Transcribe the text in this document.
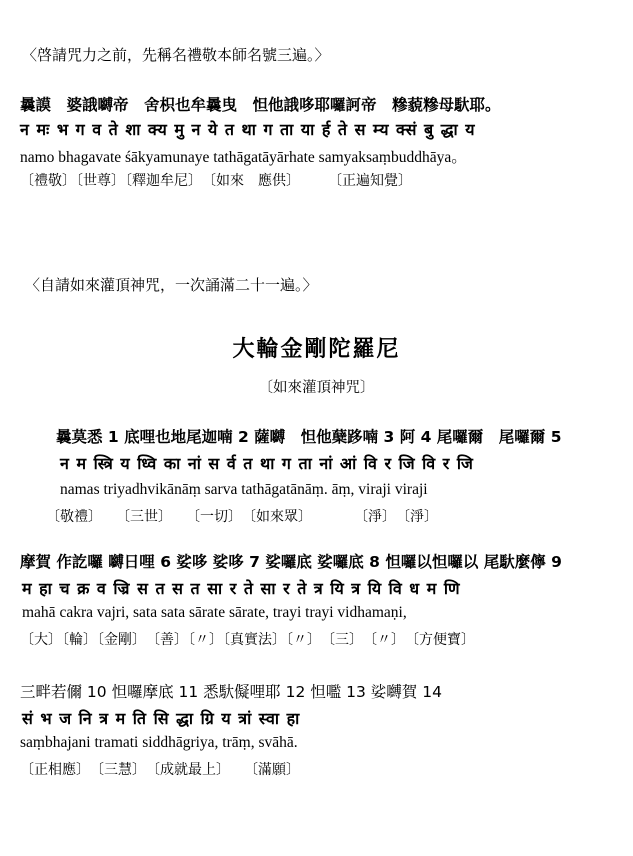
〈啓請咒力之前，先稱名禮敬本師名號三遍。〉
曩謨　婆誐嚩帝　舍枳也牟曩曳　怛他誐哆耶囉訶帝　糝藐糝母馱耶。
न मः भ ग व ते शा क्य मु न ये त था ग ता या र्ह ते स म्य क्सं बु द्धा य
namo bhagavate śākyamunaye tathāgatāyārhate samyaksaṃbuddhāya。
〔禮敬〕〔世尊〕〔釋迦牟尼〕　〔如來　應供〕　　　〔正遍知覺〕
〈自請如來灌頂神咒，一次誦滿二十一遍。〉
大輪金剛陀羅尼
〔如來灌頂神咒〕
曩莫悉 1 底哩也地尾迦喃 2 薩嚩　怛他蘖跢喃 3 阿 4 尾囉爾　尾囉爾 5
न म स्त्रि य ध्वि का नां स र्व त था ग ता नां आं वि र जि वि र जि
namas triyadhvikānāṃ sarva tathāgatānāṃ. āṃ, viraji viraji
〔敬禮〕　　〔三世〕　　〔一切〕　〔如來眾〕　　　　〔淨〕　〔淨〕
摩賀 作訖囉 嚩日哩 6 娑哆 娑哆 7 娑囉底 娑囉底 8 怛囉以怛囉以 尾馱麼儜 9
म हा च क्र व ज्रि स त स त सा र ते सा र ते त्र यि त्र यि वि ध म णि
mahā cakra vajri, sata sata sārate sārate, trayi trayi vidhamaṇi,
〔大〕〔輪〕〔金剛〕　〔善〕〔〃〕〔真實法〕〔〃〕　〔三〕　〔〃〕　〔方便寶〕
三畔若儞 10 怛囉摩底 11 悉馱儗哩耶 12 怛嚂 13 娑嚩賀 14
सं भ ज नि त्र म ति सि द्धा ग्रि य त्रां स्वा हा
saṃbhajani tramati siddhāgriya, trāṃ, svāhā.
〔正相應〕　〔三慧〕　〔成就最上〕　　〔滿願〕
